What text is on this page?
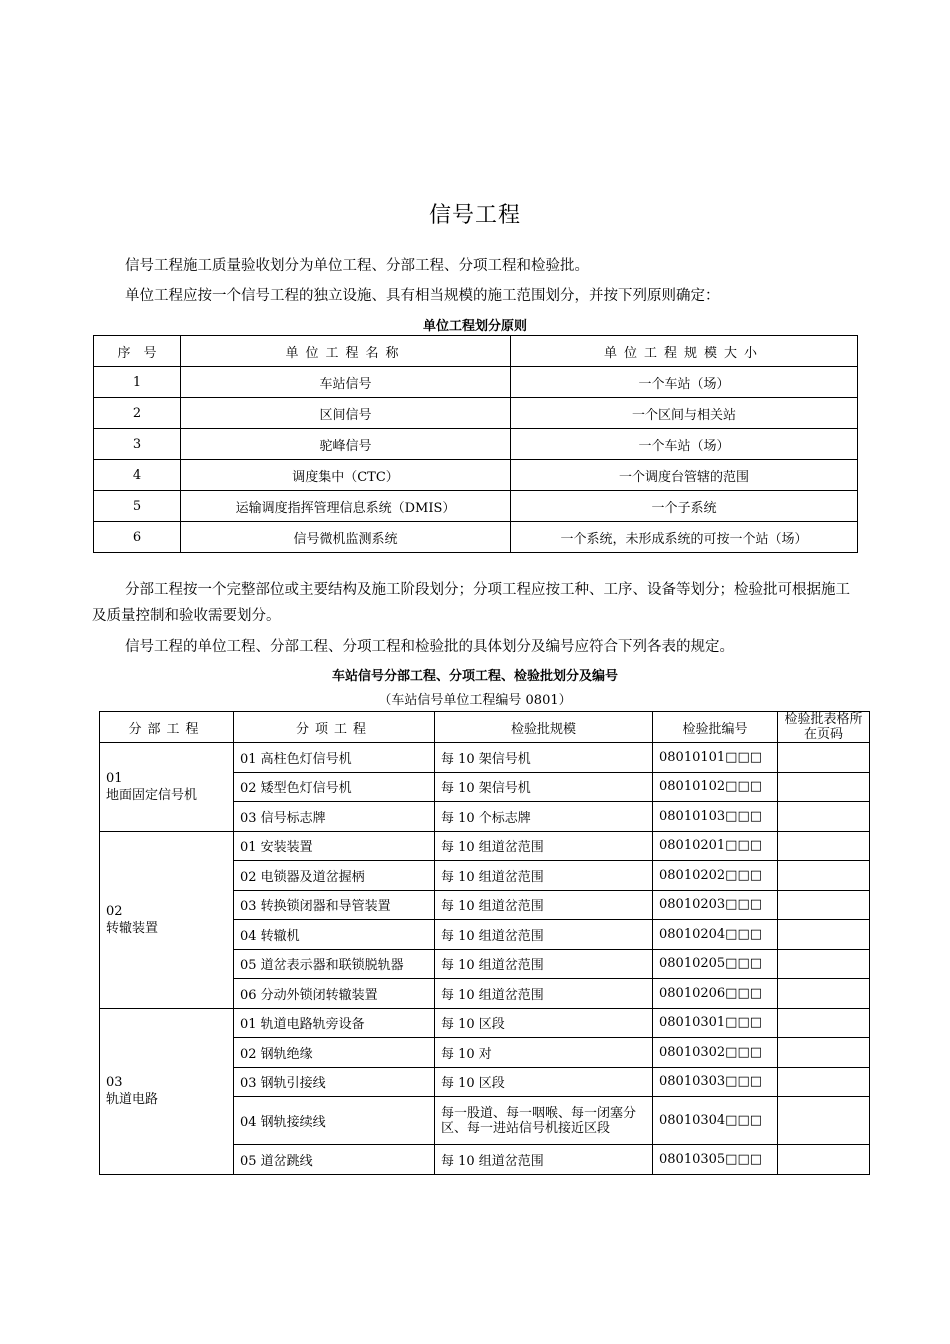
信号工程
信号工程施工质量验收划分为单位工程、分部工程、分项工程和检验批。
单位工程应按一个信号工程的独立设施、具有相当规模的施工范围划分，并按下列原则确定：
单位工程划分原则
序　号	单位工程名称	单位工程规模大小
1	车站信号	一个车站（场）
2	区间信号	一个区间与相关站
3	驼峰信号	一个车站（场）
4	调度集中（CTC）	一个调度台管辖的范围
5	运输调度指挥管理信息系统（DMIS）	一个子系统
6	信号微机监测系统	一个系统，未形成系统的可按一个站（场）
分部工程按一个完整部位或主要结构及施工阶段划分；分项工程应按工种、工序、设备等划分；检验批可根据施工及质量控制和验收需要划分。
信号工程的单位工程、分部工程、分项工程和检验批的具体划分及编号应符合下列各表的规定。
车站信号分部工程、分项工程、检验批划分及编号
（车站信号单位工程编号 0801）
分部工程	分项工程	检验批规模	检验批编号	检验批表格所在页码

01
地面固定信号机	01 高柱色灯信号机	每 10 架信号机	08010101□□□	
	02 矮型色灯信号机	每 10 架信号机	08010102□□□	
	03 信号标志牌	每 10 个标志牌	08010103□□□	

02
转辙装置	01 安装装置	每 10 组道岔范围	08010201□□□	
	02 电锁器及道岔握柄	每 10 组道岔范围	08010202□□□	
	03 转换锁闭器和导管装置	每 10 组道岔范围	08010203□□□	
	04 转辙机	每 10 组道岔范围	08010204□□□	
	05 道岔表示器和联锁脱轨器	每 10 组道岔范围	08010205□□□	
	06 分动外锁闭转辙装置	每 10 组道岔范围	08010206□□□	

03
轨道电路	01 轨道电路轨旁设备	每 10 区段	08010301□□□	
	02 钢轨绝缘	每 10 对	08010302□□□	
	03 钢轨引接线	每 10 区段	08010303□□□	
	04 钢轨接续线	每一股道、每一咽喉、每一闭塞分区、每一进站信号机接近区段	08010304□□□	
	05 道岔跳线	每 10 组道岔范围	08010305□□□	
